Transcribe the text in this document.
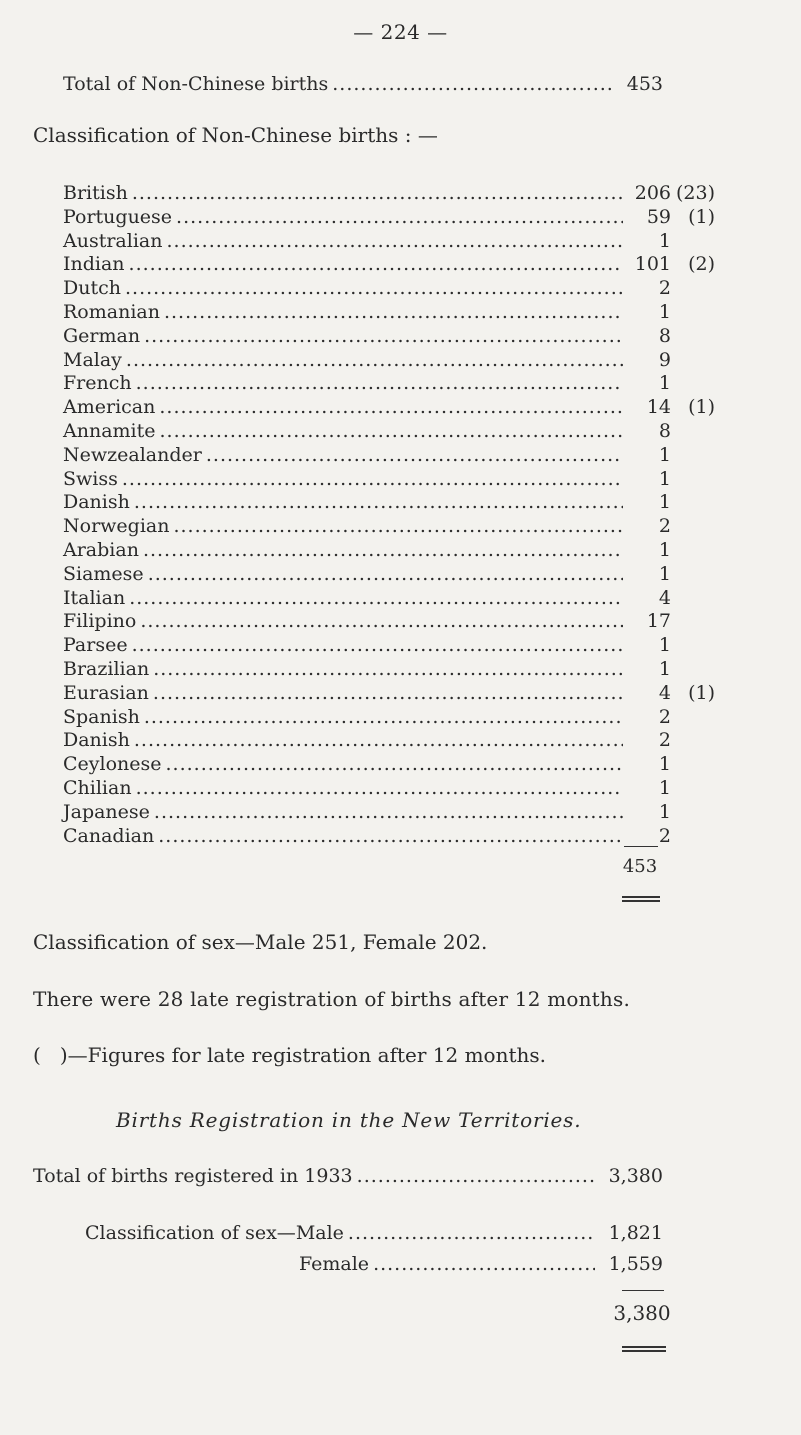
— 224 —
Total of Non-Chinese births .....	453
Classification of Non-Chinese births : —
British .....	206 (23)
Portuguese .....	59 (1)
Australian .....	1
Indian .....	101 (2)
Dutch .....	2
Romanian .....	1
German .....	8
Malay .....	9
French .....	1
American .....	14 (1)
Annamite .....	8
Newzealander .....	1
Swiss .....	1
Danish .....	1
Norwegian .....	2
Arabian .....	1
Siamese .....	1
Italian .....	4
Filipino .....	17
Parsee .....	1
Brazilian .....	1
Eurasian .....	4 (1)
Spanish .....	2
Danish .....	2
Ceylonese .....	1
Chilian .....	1
Japanese .....	1
Canadian .....	2
453
Classification of sex—Male 251, Female 202.
There were 28 late registration of births after 12 months.
(   )—Figures for late registration after 12 months.
Births Registration in the New Territories.
Total of births registered in 1933 .....	3,380
Classification of sex— Male .....	1,821
Female .....	1,559
3,380
